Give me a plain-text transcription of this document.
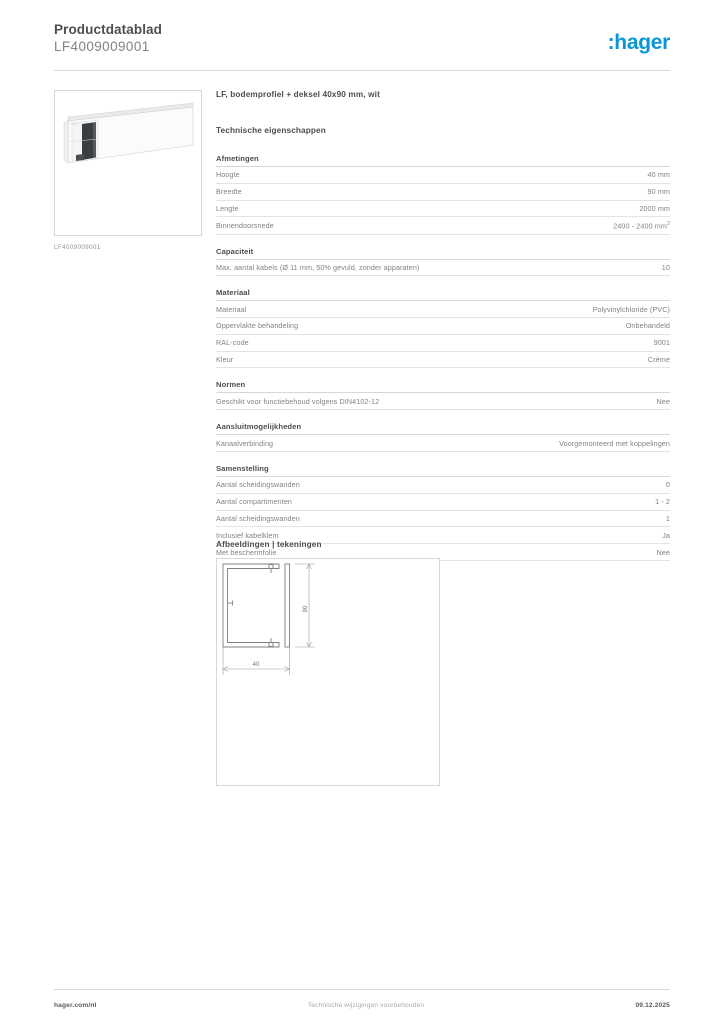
Productdatablad
LF4009009001	:hager
LF4009009001
LF, bodemprofiel + deksel 40x90 mm, wit
Technische eigenschappen
Afmetingen
Hoogte	40 mm
Breedte	90 mm
Lengte	2000 mm
Binnendoorsnede	2400 - 2400 $mm^2$
Capaciteit
Max. aantal kabels (Ø 11 mm, 50% gevuld, zonder apparaten)	10
Materiaal
Materiaal	Polyvinylchloride (PVC)
Oppervlakte behandeling	Onbehandeld
RAL-code	9001
Kleur	Crème
Normen
Geschikt voor functiebehoud volgens DIN4102-12	Nee
Aansluitmogelijkheden
Kanaalverbinding	Voorgemonteerd met koppelingen
Samenstelling
Aantal scheidingswanden	0
Aantal compartimenten	1 - 2
Aantal scheidingswanden	1
Inclusief kabelklem	Ja
Met beschermfolie	Nee
Afbeeldingen | tekeningen
90
40
hager.com/nl	Technische wijzigingen voorbehouden	09.12.2025
